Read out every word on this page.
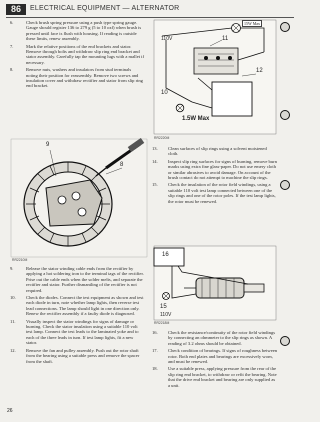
86	ELECTRICAL EQUIPMENT — ALTERNATOR

6.	Check brush spring pressure using a push type spring gauge. Gauge should register 136 to 279 g (5 to 10 ozf) when brush is pressed until face is flush with housing. If reading is outside these limits, renew assembly.

7.	Mark the relative positions of the end brackets and stator. Remove through bolts and withdraw slip ring end bracket and stator assembly. Carefully tap the mounting lugs with a mallet if necessary.

8.	Remove nuts, washers and insulators from stud terminals noting their position for reassembly. Remove two screws and insulation cover and withdraw rectifier and stator from slip ring end bracket.

15W Max
110V	11
12
10
1.5W Max
RR2220M
9
8
RR2210M

13. Clean surfaces of slip rings using a solvent moistened cloth.

14. Inspect slip ring surfaces for signs of burning, remove burn marks using extra fine glass-paper. Do not use emery cloth or similar abrasives to avoid damage. On account of the brush contact do not attempt to machine the slip rings.

15. Check the insulation of the rotor field windings, using a suitable 110 volt test lamp connected between one of the slip rings and one of the rotor poles. If the test lamp lights, the rotor must be renewed.

16
15
110V
RR2218M

9.	Release the stator winding cable ends from the rectifier by applying a hot soldering iron to the terminal tags of the rectifier. Prise out the cable ends when the solder melts, and separate the rectifier and stator. Further dismantling of the rectifier is not required.

10. Check the diodes. Connect the test equipment as shown and test each diode in turn, note whether lamp lights, then reverse test lead connections. The lamp should light in one direction only. Renew the rectifier assembly if a faulty diode is diagnosed.

11. Visually inspect the stator windings for signs of damage or burning. Check the stator insulation using a suitable 110 volt test lamp. Connect the test leads to the laminated yoke and to each of the three leads in turn. If test lamp lights, fit a new stator.

12. Remove the fan and pulley assembly. Push out the rotor shaft from the bearing using a suitable press and remove the spacer from the shaft.

16. Check the resistance/continuity of the rotor field windings by connecting an ohmmeter to the slip rings as shown. A reading of 3.2 ohms should be obtained.

17. Check condition of bearings. If signs of roughness between rotor. Both end plates and bearings are excessively worn, and must be renewed.

18. Use a suitable press, applying pressure from the rear of the slip ring end bracket, to withdraw or refit the bearing. Note that the drive end bracket and bearing are only supplied as a unit.

26
